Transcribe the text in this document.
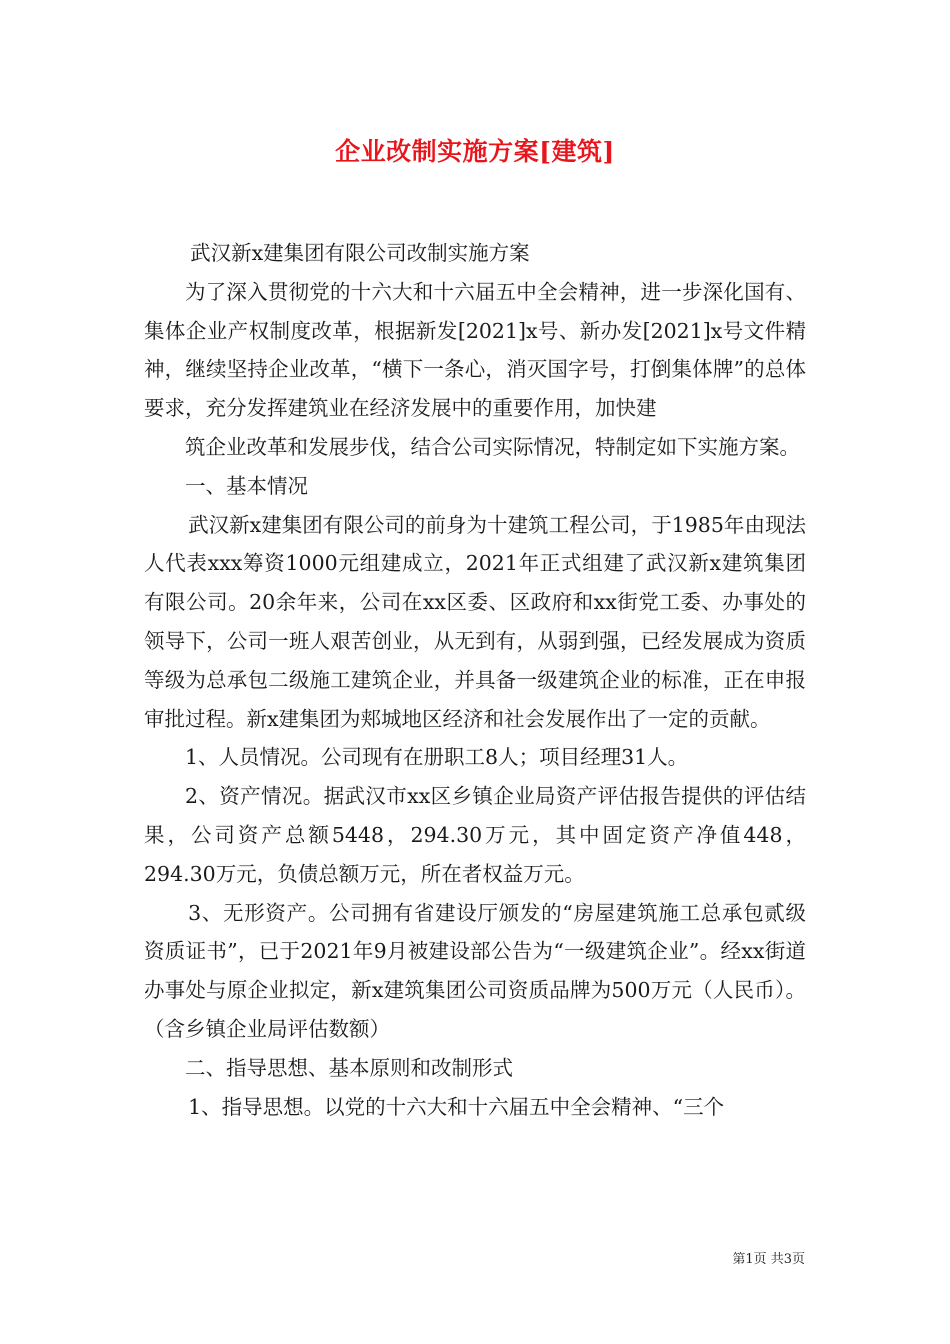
企业改制实施方案[建筑]

武汉新x建集团有限公司改制实施方案

为了深入贯彻党的十六大和十六届五中全会精神，进一步深化国有、集体企业产权制度改革，根据新发[2021]x号、新办发[2021]x号文件精神，继续坚持企业改革，“横下一条心，消灭国字号，打倒集体牌”的总体要求，充分发挥建筑业在经济发展中的重要作用，加快建

筑企业改革和发展步伐，结合公司实际情况，特制定如下实施方案。

一、基本情况

武汉新x建集团有限公司的前身为十建筑工程公司，于1985年由现法人代表xxx筹资1000元组建成立，2021年正式组建了武汉新x建筑集团有限公司。20余年来，公司在xx区委、区政府和xx街党工委、办事处的领导下，公司一班人艰苦创业，从无到有，从弱到强，已经发展成为资质等级为总承包二级施工建筑企业，并具备一级建筑企业的标准，正在申报审批过程。新x建集团为郏城地区经济和社会发展作出了一定的贡献。

1、人员情况。公司现有在册职工8人；项目经理31人。

2、资产情况。据武汉市xx区乡镇企业局资产评估报告提供的评估结果，公司资产总额5448，294.30万元，其中固定资产净值448，294.30万元，负债总额万元，所在者权益万元。

3、无形资产。公司拥有省建设厅颁发的“房屋建筑施工总承包贰级资质证书”，已于2021年9月被建设部公告为“一级建筑企业”。经xx街道办事处与原企业拟定，新x建筑集团公司资质品牌为500万元（人民币）。（含乡镇企业局评估数额）

二、指导思想、基本原则和改制形式

1、指导思想。以党的十六大和十六届五中全会精神、“三个

第1页 共3页
